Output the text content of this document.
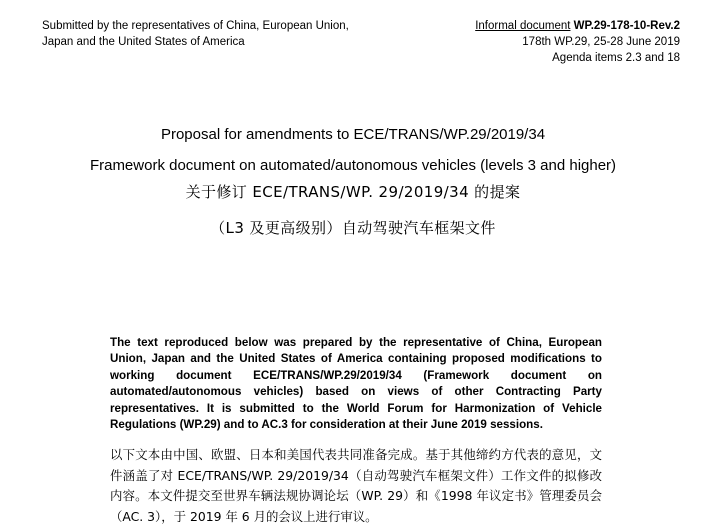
Submitted by the representatives of China, European Union,
Japan and the United States of America
Informal document WP.29-178-10-Rev.2
178th WP.29, 25-28 June 2019
Agenda items 2.3 and 18
Proposal for amendments to ECE/TRANS/WP.29/2019/34
Framework document on automated/autonomous vehicles (levels 3 and higher)
关于修订 ECE/TRANS/WP. 29/2019/34 的提案
（L3 及更高级别）自动驾驶汽车框架文件

The text reproduced below was prepared by the representative of China, European Union, Japan and the United States of America containing proposed modifications to working document ECE/TRANS/WP.29/2019/34 (Framework document on automated/autonomous vehicles) based on views of other Contracting Party representatives. It is submitted to the World Forum for Harmonization of Vehicle Regulations (WP.29) and to AC.3 for consideration at their June 2019 sessions.

以下文本由中国、欧盟、日本和美国代表共同准备完成。基于其他缔约方代表的意见，文件涵盖了对 ECE/TRANS/WP. 29/2019/34（自动驾驶汽车框架文件）工作文件的拟修改内容。本文件提交至世界车辆法规协调论坛（WP. 29）和《1998 年议定书》管理委员会（AC. 3），于 2019 年 6 月的会议上进行审议。
